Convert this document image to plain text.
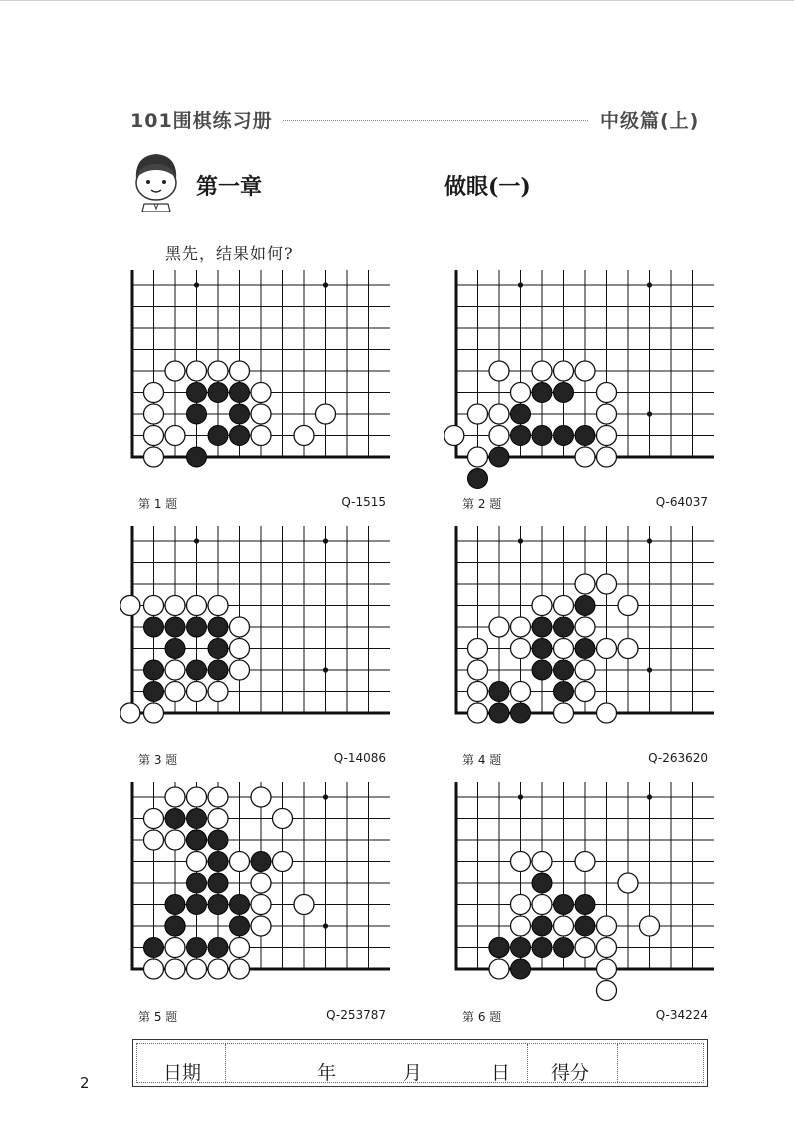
101围棋练习册	中级篇(上)
第一章	做眼(一)
黑先，结果如何?
第 1 题	Q-1515	第 2 题	Q-64037
第 3 题	Q-14086	第 4 题	Q-263620
第 5 题	Q-253787	第 6 题	Q-34224
日期	年	月	日 得分
2
